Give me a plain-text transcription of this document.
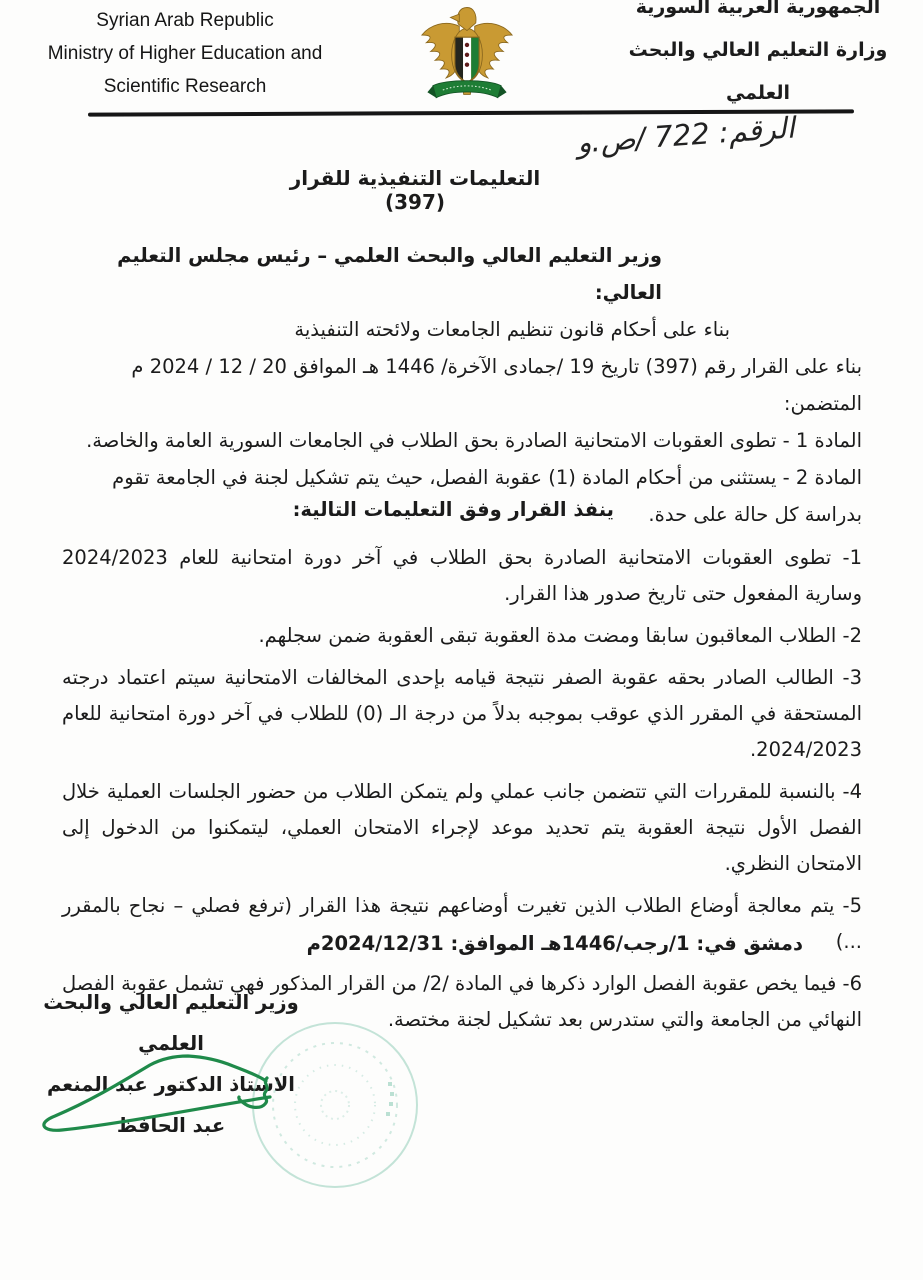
Syrian Arab Republic
Ministry of Higher Education and
Scientific Research
الجمهورية العربية السورية
وزارة التعليم العالي والبحث العلمي
الرقم: 722 /ص.و
التعليمات التنفيذية للقرار (397)

وزير التعليم العالي والبحث العلمي – رئيس مجلس التعليم العالي:

بناء على أحكام قانون تنظيم الجامعات ولائحته التنفيذية

بناء على القرار رقم (397) تاريخ 19 /جمادى الآخرة/ 1446 هـ الموافق 20 / 12 / 2024 م المتضمن:

المادة 1 - تطوى العقوبات الامتحانية الصادرة بحق الطلاب في الجامعات السورية العامة والخاصة.

المادة 2 - يستثنى من أحكام المادة (1) عقوبة الفصل، حيث يتم تشكيل لجنة في الجامعة تقوم بدراسة كل حالة على حدة.

ينفذ القرار وفق التعليمات التالية:

1- تطوى العقوبات الامتحانية الصادرة بحق الطلاب في آخر دورة امتحانية للعام 2024/2023 وسارية المفعول حتى تاريخ صدور هذا القرار.

2- الطلاب المعاقبون سابقا ومضت مدة العقوبة تبقى العقوبة ضمن سجلهم.

3- الطالب الصادر بحقه عقوبة الصفر نتيجة قيامه بإحدى المخالفات الامتحانية سيتم اعتماد درجته المستحقة في المقرر الذي عوقب بموجبه بدلاً من درجة الـ (0) للطلاب في آخر دورة امتحانية للعام 2024/2023.

4- بالنسبة للمقررات التي تتضمن جانب عملي ولم يتمكن الطلاب من حضور الجلسات العملية خلال الفصل الأول نتيجة العقوبة يتم تحديد موعد لإجراء الامتحان العملي، ليتمكنوا من الدخول إلى الامتحان النظري.

5- يتم معالجة أوضاع الطلاب الذين تغيرت أوضاعهم نتيجة هذا القرار (ترفع فصلي – نجاح بالمقرر ...)

6- فيما يخص عقوبة الفصل الوارد ذكرها في المادة /2/ من القرار المذكور فهي تشمل عقوبة الفصل النهائي من الجامعة والتي ستدرس بعد تشكيل لجنة مختصة.

دمشق في: 1/رجب/1446هـ الموافق: 2024/12/31م
وزير التعليم العالي والبحث العلمي
الاستاذ الدكتور عبد المنعم عبد الحافظ
